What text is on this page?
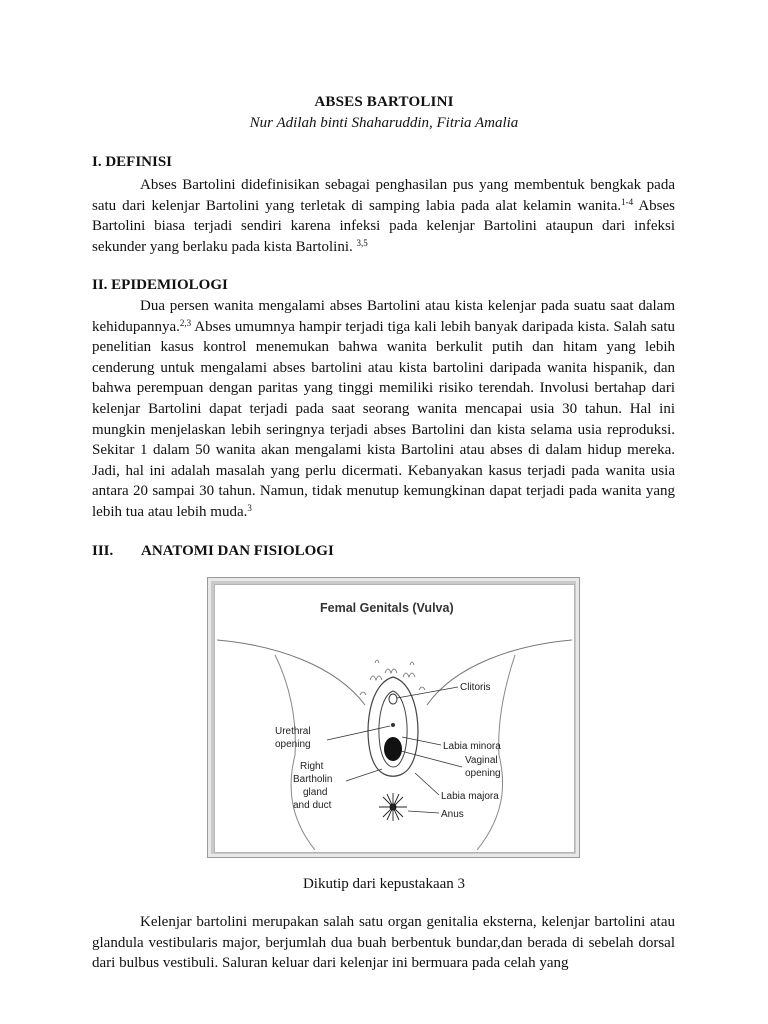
ABSES BARTOLINI
Nur Adilah binti Shaharuddin, Fitria Amalia
I. DEFINISI
Abses Bartolini didefinisikan sebagai penghasilan pus yang membentuk bengkak pada satu dari kelenjar Bartolini yang terletak di samping labia pada alat kelamin wanita.$^{1-4}$ Abses Bartolini biasa terjadi sendiri karena infeksi pada kelenjar Bartolini ataupun dari infeksi sekunder yang berlaku pada kista Bartolini. $^{3,5}$
II. EPIDEMIOLOGI
Dua persen wanita mengalami abses Bartolini atau kista kelenjar pada suatu saat dalam kehidupannya.$^{2,3}$ Abses umumnya hampir terjadi tiga kali lebih banyak daripada kista. Salah satu penelitian kasus kontrol menemukan bahwa wanita berkulit putih dan hitam yang lebih cenderung untuk mengalami abses bartolini atau kista bartolini daripada wanita hispanik, dan bahwa perempuan dengan paritas yang tinggi memiliki risiko terendah. Involusi bertahap dari kelenjar Bartolini dapat terjadi pada saat seorang wanita mencapai usia 30 tahun. Hal ini mungkin menjelaskan lebih seringnya terjadi abses Bartolini dan kista selama usia reproduksi. Sekitar 1 dalam 50 wanita akan mengalami kista Bartolini atau abses di dalam hidup mereka. Jadi, hal ini adalah masalah yang perlu dicermati. Kebanyakan kasus terjadi pada wanita usia antara 20 sampai 30 tahun. Namun, tidak menutup kemungkinan dapat terjadi pada wanita yang lebih tua atau lebih muda.$^3$
III. ANATOMI DAN FISIOLOGI
Femal Genitals (Vulva)
Clitoris
Urethral
opening	Labia minora
Vaginal
opening
Right
Bartholin
gland
and duct
Labia majora
Anus
Dikutip dari kepustakaan 3
Kelenjar bartolini merupakan salah satu organ genitalia eksterna, kelenjar bartolini atau glandula vestibularis major, berjumlah dua buah berbentuk bundar,dan berada di sebelah dorsal dari bulbus vestibuli. Saluran keluar dari kelenjar ini bermuara pada celah yang
